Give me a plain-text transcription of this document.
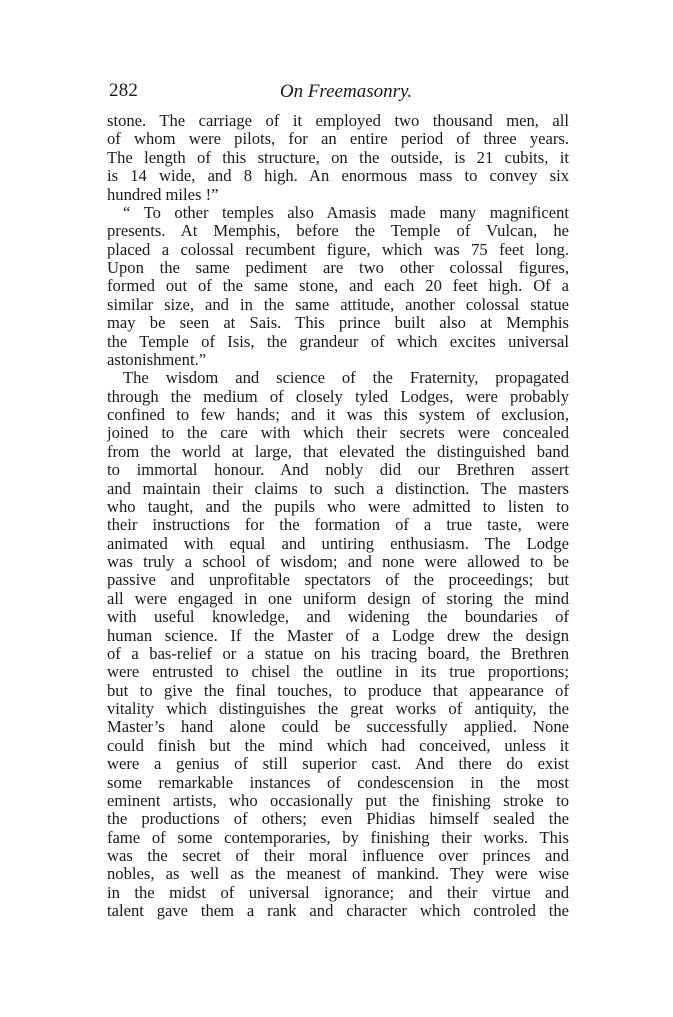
282	On Freemasonry.
stone. The carriage of it employed two thousand men, all
of whom were pilots, for an entire period of three years.
The length of this structure, on the outside, is 21 cubits, it
is 14 wide, and 8 high. An enormous mass to convey six
hundred miles !”
“ To other temples also Amasis made many magnificent
presents. At Memphis, before the Temple of Vulcan, he
placed a colossal recumbent figure, which was 75 feet long.
Upon the same pediment are two other colossal figures,
formed out of the same stone, and each 20 feet high. Of a
similar size, and in the same attitude, another colossal statue
may be seen at Sais. This prince built also at Memphis
the Temple of Isis, the grandeur of which excites universal
astonishment.”
The wisdom and science of the Fraternity, propagated
through the medium of closely tyled Lodges, were probably
confined to few hands; and it was this system of exclusion,
joined to the care with which their secrets were concealed
from the world at large, that elevated the distinguished band
to immortal honour. And nobly did our Brethren assert
and maintain their claims to such a distinction. The masters
who taught, and the pupils who were admitted to listen to
their instructions for the formation of a true taste, were
animated with equal and untiring enthusiasm. The Lodge
was truly a school of wisdom; and none were allowed to be
passive and unprofitable spectators of the proceedings; but
all were engaged in one uniform design of storing the mind
with useful knowledge, and widening the boundaries of
human science. If the Master of a Lodge drew the design
of a bas-relief or a statue on his tracing board, the Brethren
were entrusted to chisel the outline in its true proportions;
but to give the final touches, to produce that appearance of
vitality which distinguishes the great works of antiquity, the
Master’s hand alone could be successfully applied. None
could finish but the mind which had conceived, unless it
were a genius of still superior cast. And there do exist
some remarkable instances of condescension in the most
eminent artists, who occasionally put the finishing stroke to
the productions of others; even Phidias himself sealed the
fame of some contemporaries, by finishing their works. This
was the secret of their moral influence over princes and
nobles, as well as the meanest of mankind. They were wise
in the midst of universal ignorance; and their virtue and
talent gave them a rank and character which controled the
